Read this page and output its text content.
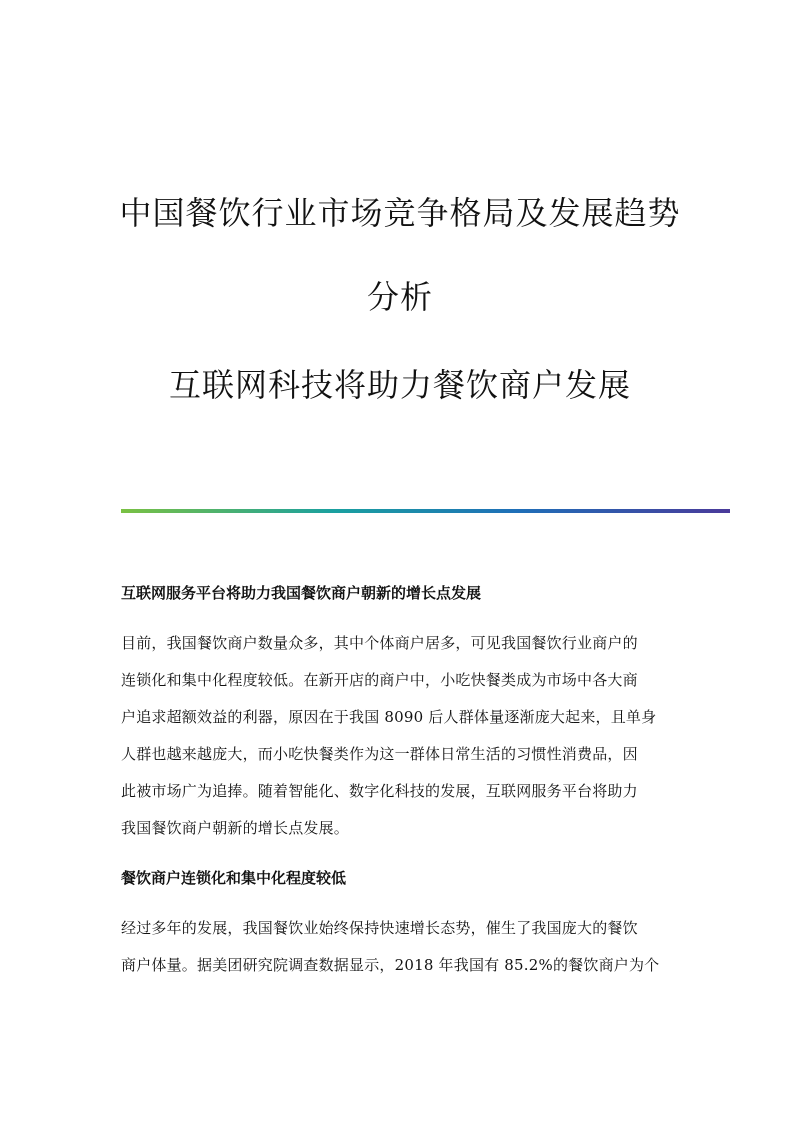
中国餐饮行业市场竞争格局及发展趋势
分析
互联网科技将助力餐饮商户发展

互联网服务平台将助力我国餐饮商户朝新的增长点发展

目前，我国餐饮商户数量众多，其中个体商户居多，可见我国餐饮行业商户的

连锁化和集中化程度较低。在新开店的商户中，小吃快餐类成为市场中各大商

户追求超额效益的利器，原因在于我国 8090 后人群体量逐渐庞大起来，且单身

人群也越来越庞大，而小吃快餐类作为这一群体日常生活的习惯性消费品，因

此被市场广为追捧。随着智能化、数字化科技的发展，互联网服务平台将助力

我国餐饮商户朝新的增长点发展。

餐饮商户连锁化和集中化程度较低

经过多年的发展，我国餐饮业始终保持快速增长态势，催生了我国庞大的餐饮

商户体量。据美团研究院调查数据显示，2018 年我国有 85.2%的餐饮商户为个
